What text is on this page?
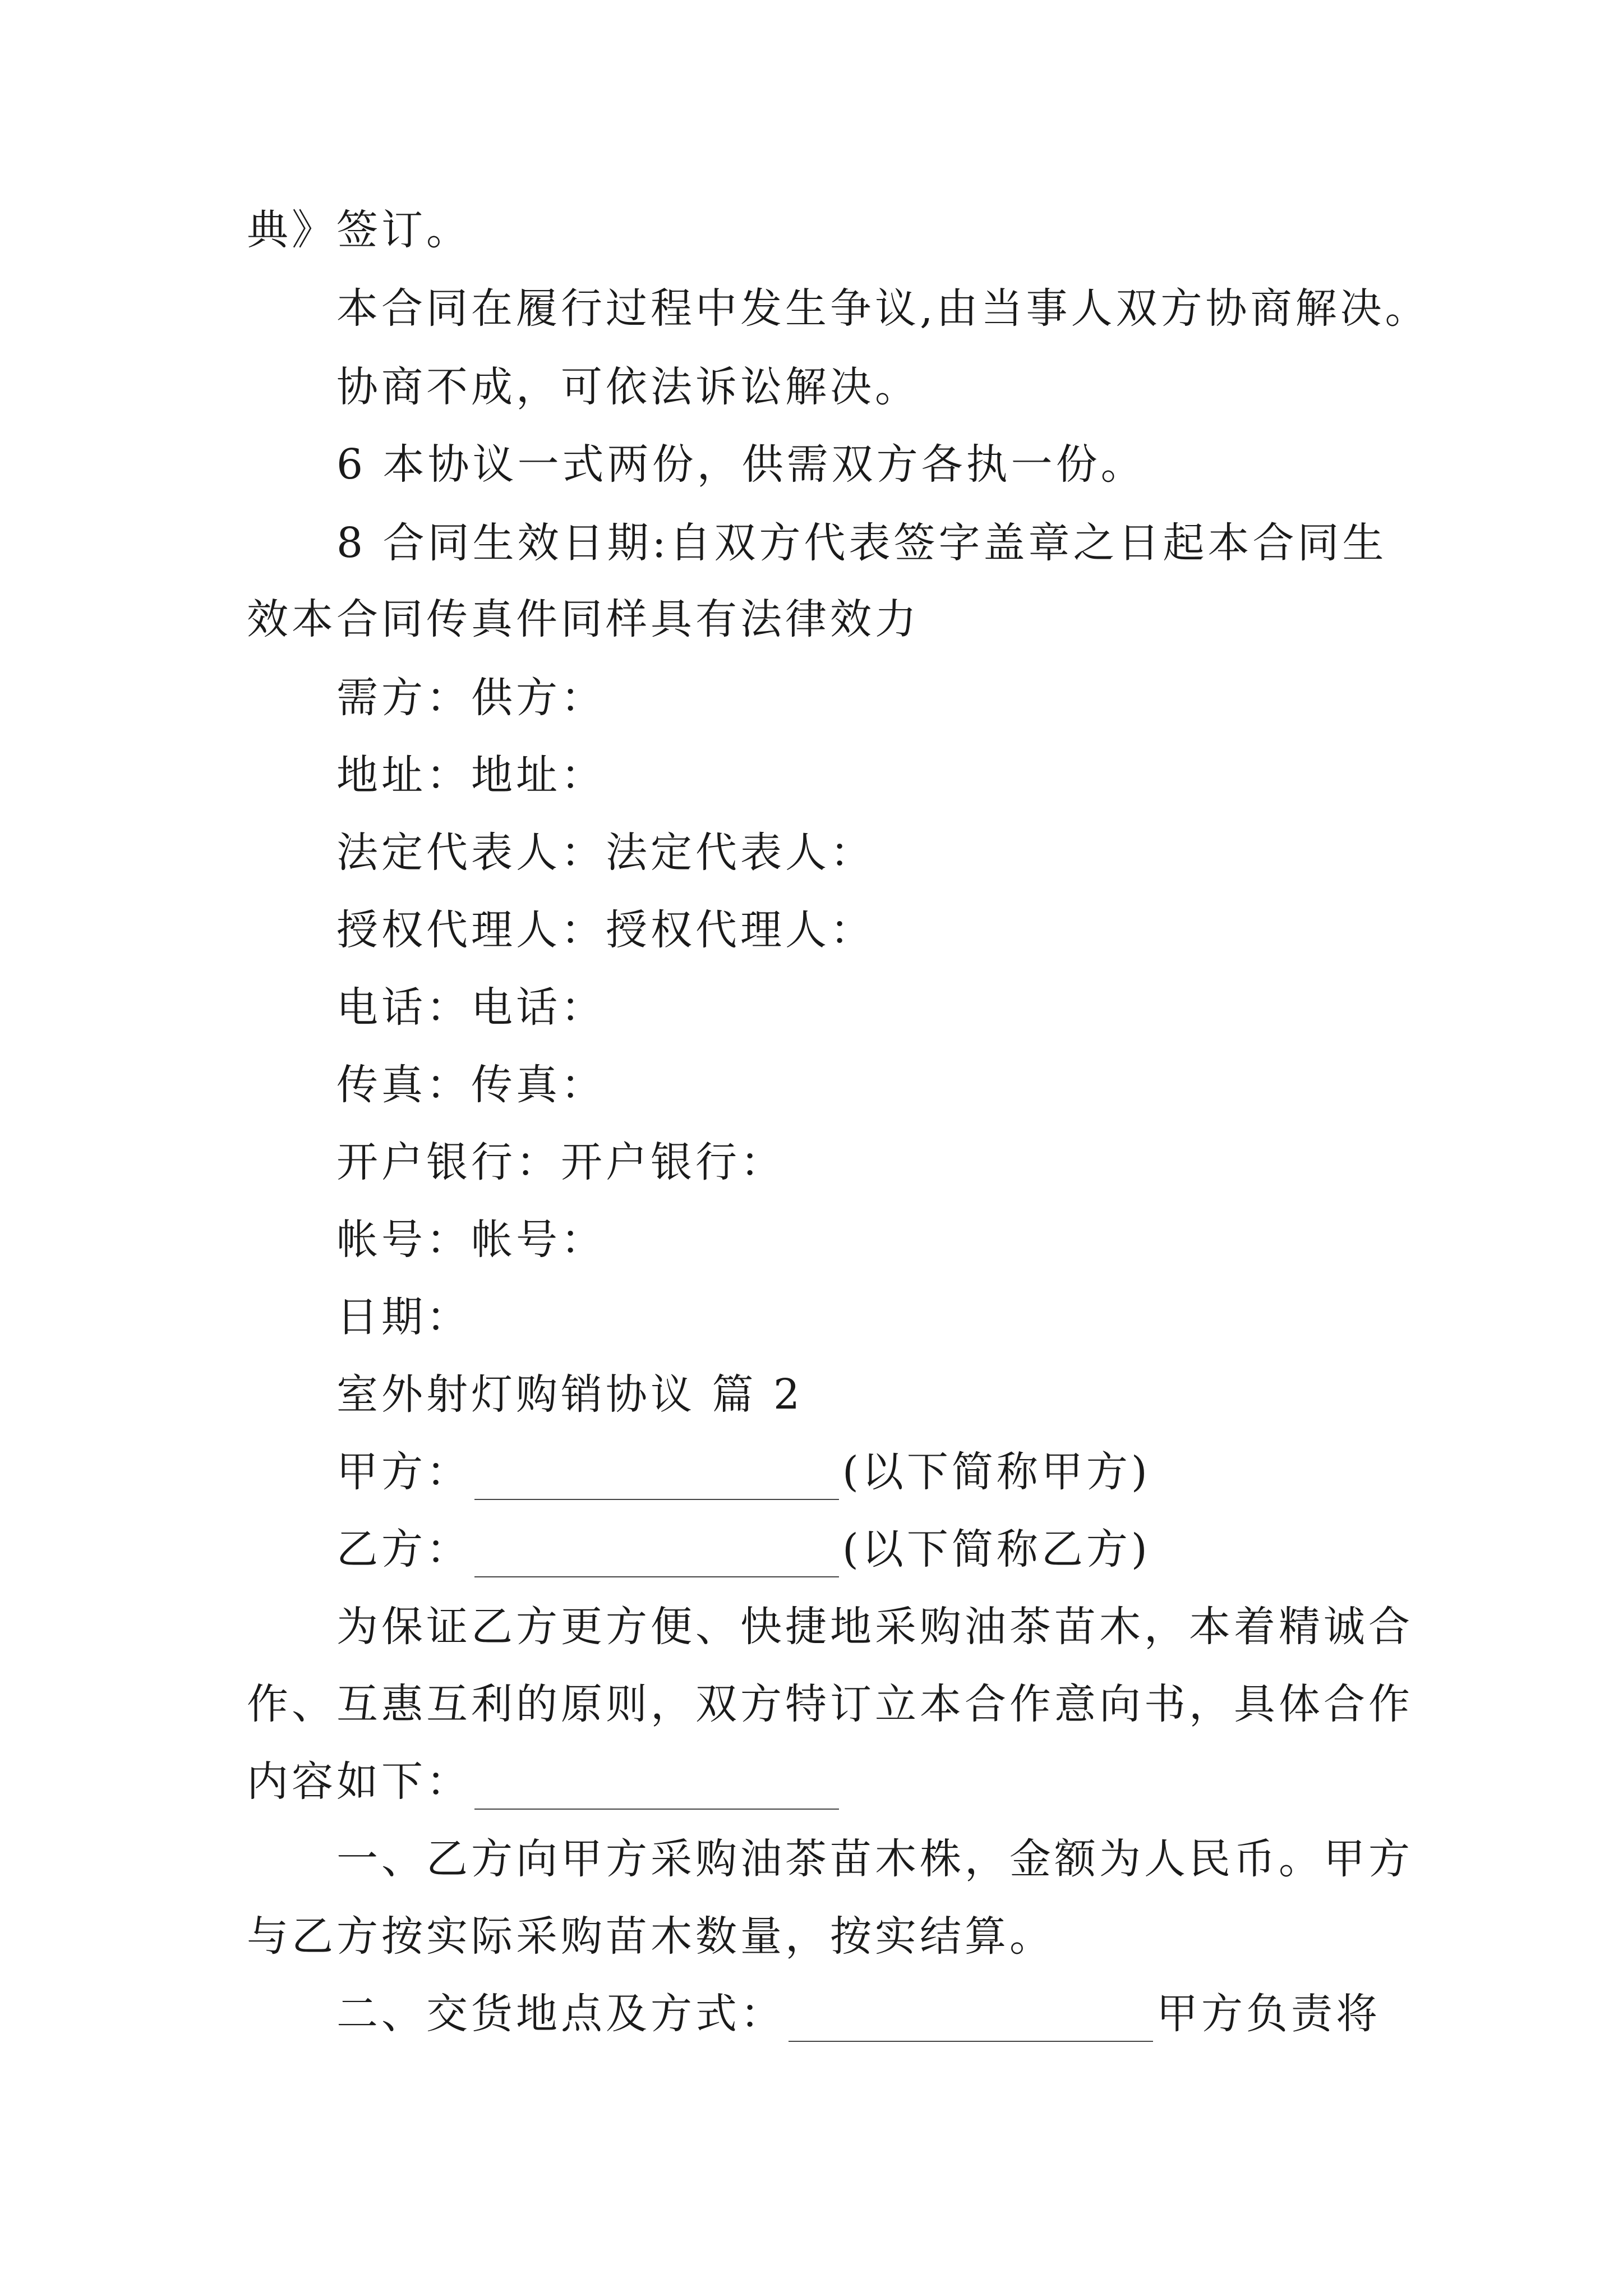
典》签订。
本合同在履行过程中发生争议,由当事人双方协商解决。
协商不成，可依法诉讼解决。
6 本协议一式两份，供需双方各执一份。
8 合同生效日期:自双方代表签字盖章之日起本合同生
效本合同传真件同样具有法律效力
需方：供方：
地址：地址：
法定代表人：法定代表人：
授权代理人：授权代理人：
电话：电话：
传真：传真：
开户银行：开户银行：
帐号：帐号：
日期：
室外射灯购销协议 篇 2
甲方：	(以下简称甲方)
乙方：	(以下简称乙方)
为保证乙方更方便、快捷地采购油茶苗木，本着精诚合
作、互惠互利的原则，双方特订立本合作意向书，具体合作
内容如下：
一、乙方向甲方采购油茶苗木株，金额为人民币。甲方
与乙方按实际采购苗木数量，按实结算。
二、交货地点及方式：	甲方负责将
